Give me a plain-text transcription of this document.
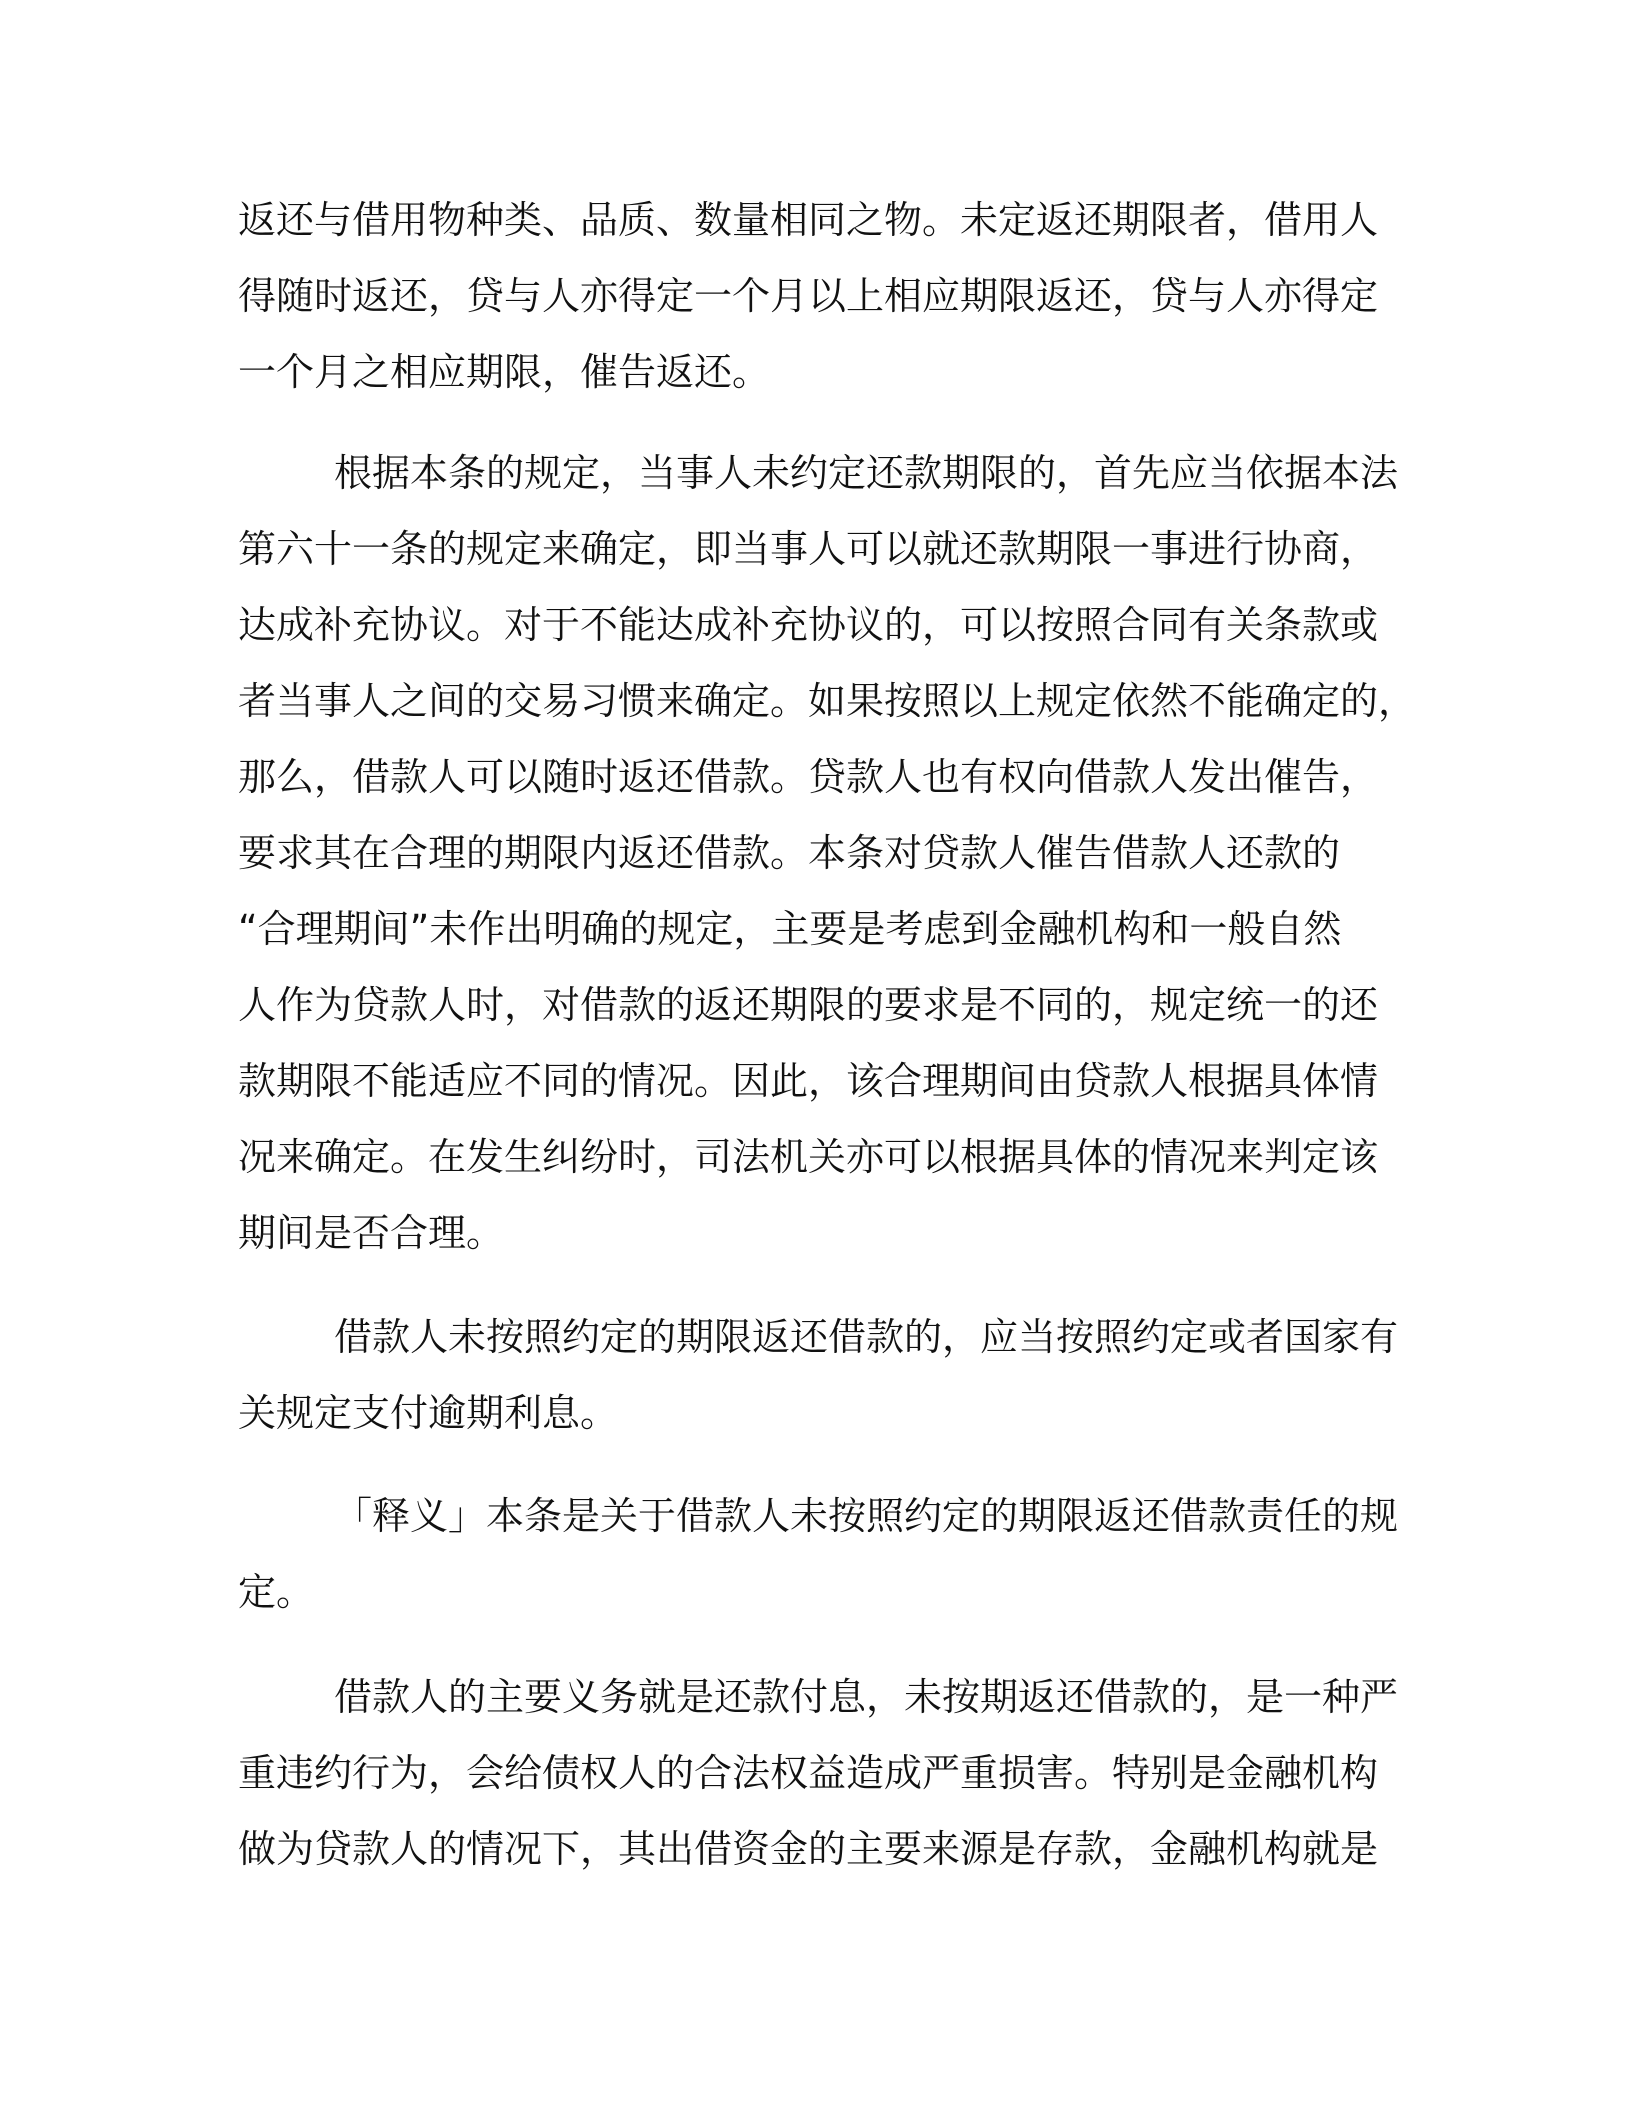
返还与借用物种类、品质、数量相同之物。未定返还期限者，借用人
得随时返还，贷与人亦得定一个月以上相应期限返还，贷与人亦得定
一个月之相应期限，催告返还。
根据本条的规定，当事人未约定还款期限的，首先应当依据本法
第六十一条的规定来确定，即当事人可以就还款期限一事进行协商，
达成补充协议。对于不能达成补充协议的，可以按照合同有关条款或
者当事人之间的交易习惯来确定。如果按照以上规定依然不能确定的，
那么，借款人可以随时返还借款。贷款人也有权向借款人发出催告，
要求其在合理的期限内返还借款。本条对贷款人催告借款人还款的
“合理期间”未作出明确的规定，主要是考虑到金融机构和一般自然
人作为贷款人时，对借款的返还期限的要求是不同的，规定统一的还
款期限不能适应不同的情况。因此，该合理期间由贷款人根据具体情
况来确定。在发生纠纷时，司法机关亦可以根据具体的情况来判定该
期间是否合理。
借款人未按照约定的期限返还借款的，应当按照约定或者国家有
关规定支付逾期利息。
「释义」本条是关于借款人未按照约定的期限返还借款责任的规
定。
借款人的主要义务就是还款付息，未按期返还借款的，是一种严
重违约行为，会给债权人的合法权益造成严重损害。特别是金融机构
做为贷款人的情况下，其出借资金的主要来源是存款，金融机构就是
